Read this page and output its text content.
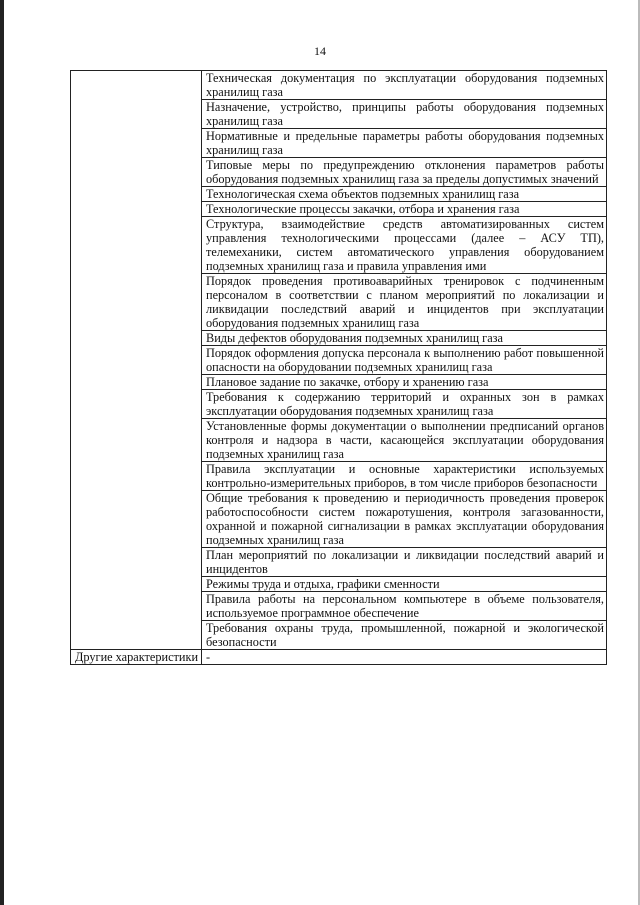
14
	Техническая документация по эксплуатации оборудования подземных хранилищ газа
	Назначение, устройство, принципы работы оборудования подземных хранилищ газа
	Нормативные и предельные параметры работы оборудования подземных хранилищ газа
	Типовые меры по предупреждению отклонения параметров работы оборудования подземных хранилищ газа за пределы допустимых значений
	Технологическая схема объектов подземных хранилищ газа
	Технологические процессы закачки, отбора и хранения газа
	Структура, взаимодействие средств автоматизированных систем управления технологическими процессами (далее – АСУ ТП), телемеханики, систем автоматического управления оборудованием подземных хранилищ газа и правила управления ими
	Порядок проведения противоаварийных тренировок с подчиненным персоналом в соответствии с планом мероприятий по локализации и ликвидации последствий аварий и инцидентов при эксплуатации оборудования подземных хранилищ газа
	Виды дефектов оборудования подземных хранилищ газа
	Порядок оформления допуска персонала к выполнению работ повышенной опасности на оборудовании подземных хранилищ газа
	Плановое задание по закачке, отбору и хранению газа
	Требования к содержанию территорий и охранных зон в рамках эксплуатации оборудования подземных хранилищ газа
	Установленные формы документации о выполнении предписаний органов контроля и надзора в части, касающейся эксплуатации оборудования подземных хранилищ газа
	Правила эксплуатации и основные характеристики используемых контрольно-измерительных приборов, в том числе приборов безопасности
	Общие требования к проведению и периодичность проведения проверок работоспособности систем пожаротушения, контроля загазованности, охранной и пожарной сигнализации в рамках эксплуатации оборудования подземных хранилищ газа
	План мероприятий по локализации и ликвидации последствий аварий и инцидентов
	Режимы труда и отдыха, графики сменности
	Правила работы на персональном компьютере в объеме пользователя, используемое программное обеспечение
	Требования охраны труда, промышленной, пожарной и экологической безопасности
Другие характеристики	-
